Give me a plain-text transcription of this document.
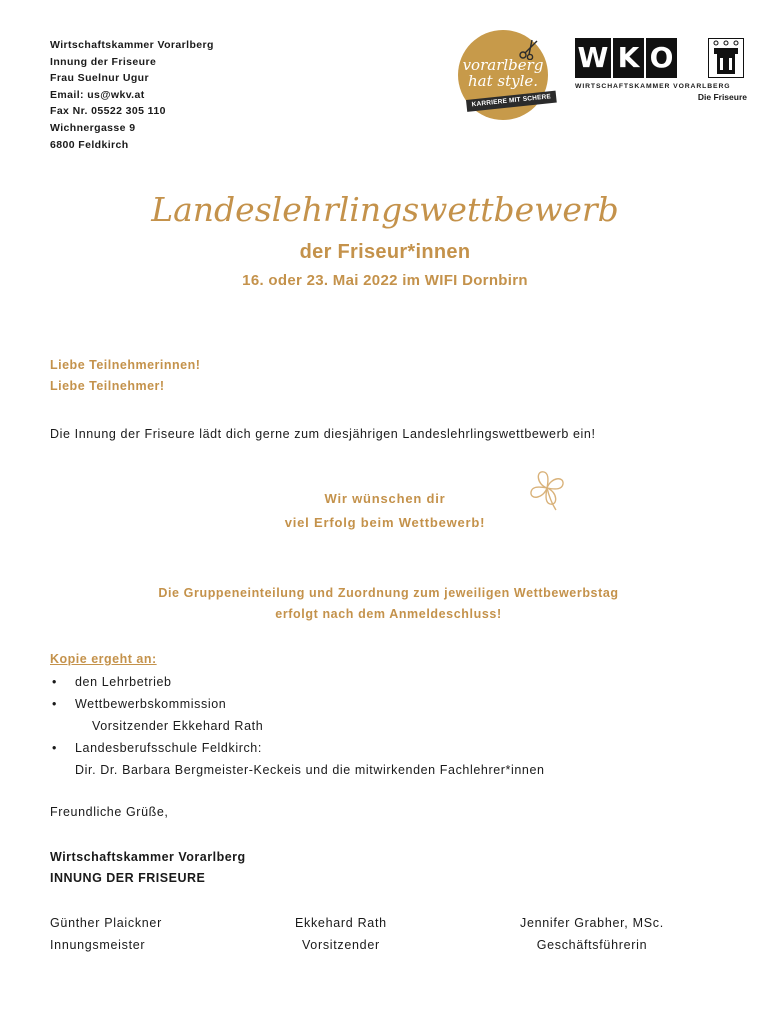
Wirtschaftskammer Vorarlberg
Innung der Friseure
Frau Suelnur Ugur
Email: us@wkv.at
Fax Nr. 05522 305 110
Wichnergasse 9
6800 Feldkirch
vorarlberg
hat style.
KARRIERE MIT SCHERE
W K O
WIRTSCHAFTSKAMMER VORARLBERG
Die Friseure
Landeslehrlingswettbewerb
der Friseur*innen
16. oder 23. Mai 2022 im WIFI Dornbirn
Liebe Teilnehmerinnen!
Liebe Teilnehmer!
Die Innung der Friseure lädt dich gerne zum diesjährigen Landeslehrlingswettbewerb ein!
Wir wünschen dir
viel Erfolg beim Wettbewerb!
Die Gruppeneinteilung und Zuordnung zum jeweiligen Wettbewerbstag
erfolgt nach dem Anmeldeschluss!
Kopie ergeht an:
• den Lehrbetrieb
• Wettbewerbskommission
Vorsitzender Ekkehard Rath
• Landesberufsschule Feldkirch:
Dir. Dr. Barbara Bergmeister-Keckeis und die mitwirkenden Fachlehrer*innen
Freundliche Grüße,
Wirtschaftskammer Vorarlberg
INNUNG DER FRISEURE
Günther Plaickner
Innungsmeister
Ekkehard Rath
Vorsitzender
Jennifer Grabher, MSc.
Geschäftsführerin
